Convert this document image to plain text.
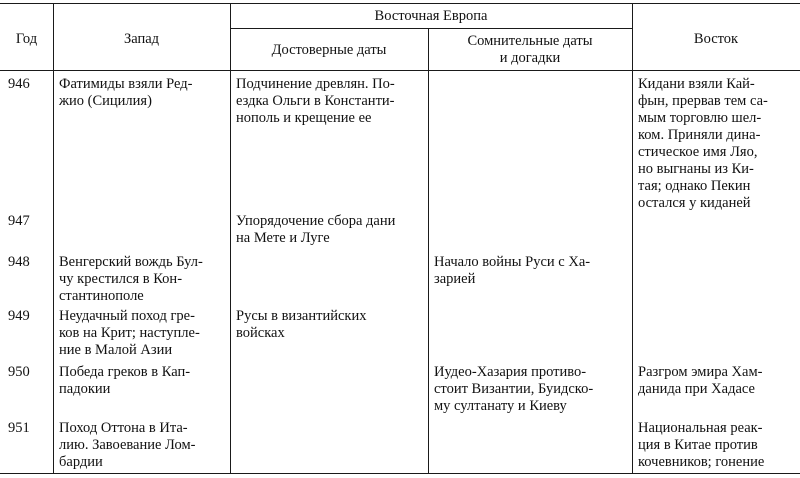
Год	Запад
Восточная Европа
Достоверные даты
Сомнительные даты
и догадки
Восток
946 Фатимиды взяли Ред-
жио (Сицилия)
Подчинение древлян. По-
ездка Ольги в Константи-
нополь и крещение ее
Кидани взяли Кай-
фын, прервав тем са-
мым торговлю шел-
ком. Приняли дина-
стическое имя Ляо,
но выгнаны из Ки-
тая; однако Пекин
остался у киданей
947	Упорядочение сбора дани
на Мете и Луге
948 Венгерский вождь Бул-
чу крестился в Кон-
стантинополе
Начало войны Руси с Ха-
зарией
949 Неудачный поход гре-
ков на Крит; наступле-
ние в Малой Азии
Русы в византийских
войсках
950 Победа греков в Кап-
падокии
Иудео-Хазария противо-
стоит Византии, Буидско-
му султанату и Киеву
Разгром эмира Хам-
данида при Хадасе
951 Поход Оттона в Ита-
лию. Завоевание Лом-
бардии
Национальная реак-
ция в Китае против
кочевников; гонение
